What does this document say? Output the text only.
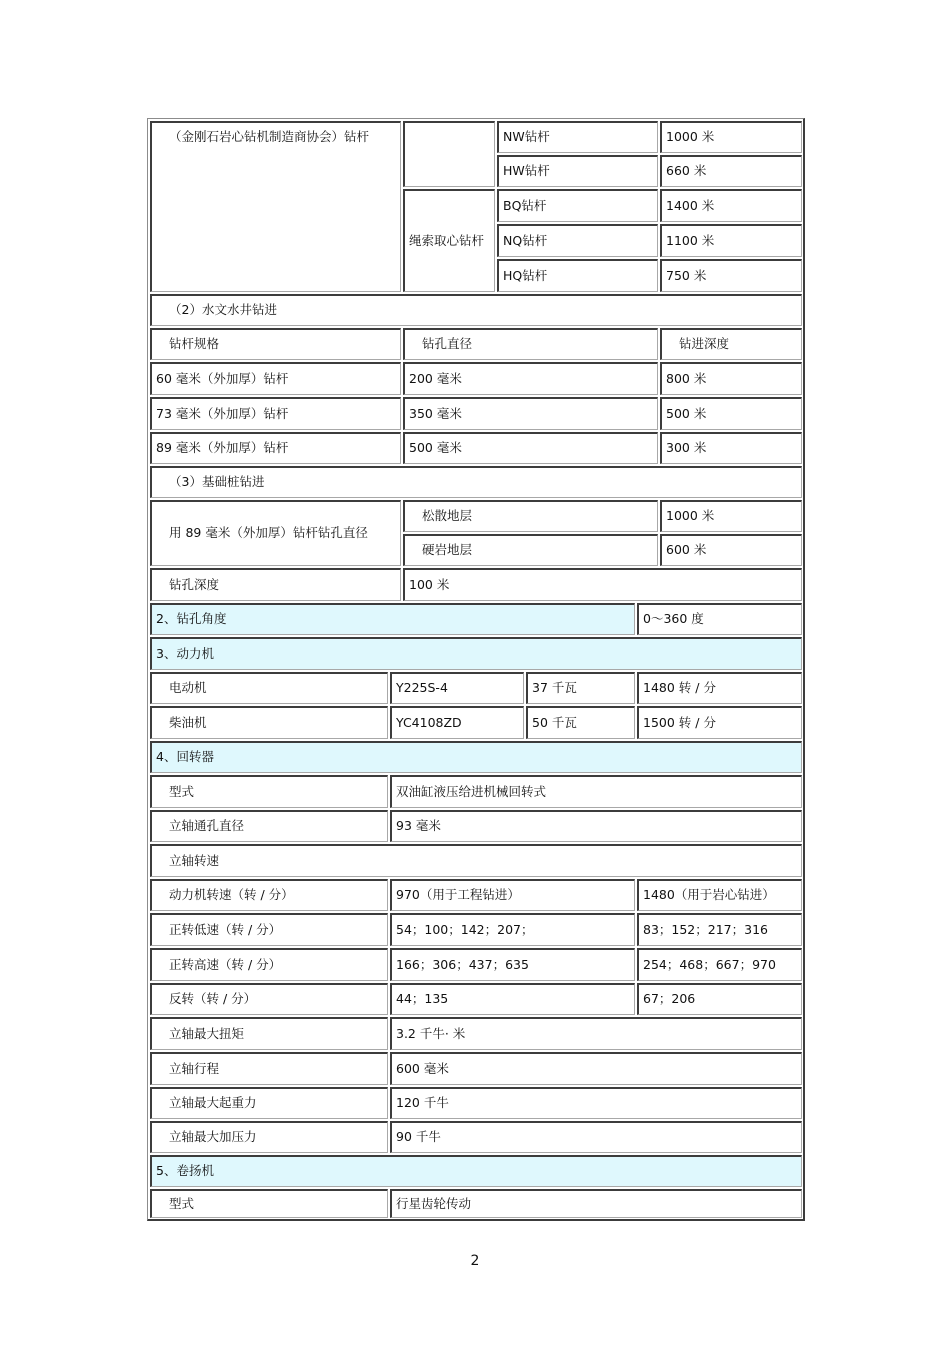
（金刚石岩心钻机制造商协会）钻杆
绳索取心钻杆
NW钻杆	1000 米
HW钻杆	660 米
BQ钻杆	1400 米
NQ钻杆	1100 米
HQ钻杆	750 米
（2）水文水井钻进
钻杆规格	钻孔直径	钻进深度
60 毫米（外加厚）钻杆	200 毫米	800 米
73 毫米（外加厚）钻杆	350 毫米	500 米
89 毫米（外加厚）钻杆	500 毫米	300 米
（3）基础桩钻进
用 89 毫米（外加厚）钻杆钻孔直径
松散地层	1000 米
硬岩地层	600 米
钻孔深度	100 米
2、钻孔角度	0～360 度
3、动力机
电动机	Y225S-4	37 千瓦	1480 转 / 分
柴油机	YC4108ZD	50 千瓦	1500 转 / 分
4、回转器
型式	双油缸液压给进机械回转式
立轴通孔直径	93 毫米
立轴转速
动力机转速（转 / 分）	970（用于工程钻进）	1480（用于岩心钻进）
正转低速（转 / 分）	54；100；142；207；	83；152；217；316
正转高速（转 / 分）	166；306；437；635	254；468；667；970
反转（转 / 分）	44；135	67；206
立轴最大扭矩	3.2 千牛· 米
立轴行程	600 毫米
立轴最大起重力	120 千牛
立轴最大加压力	90 千牛
5、卷扬机
型式	行星齿轮传动
2
